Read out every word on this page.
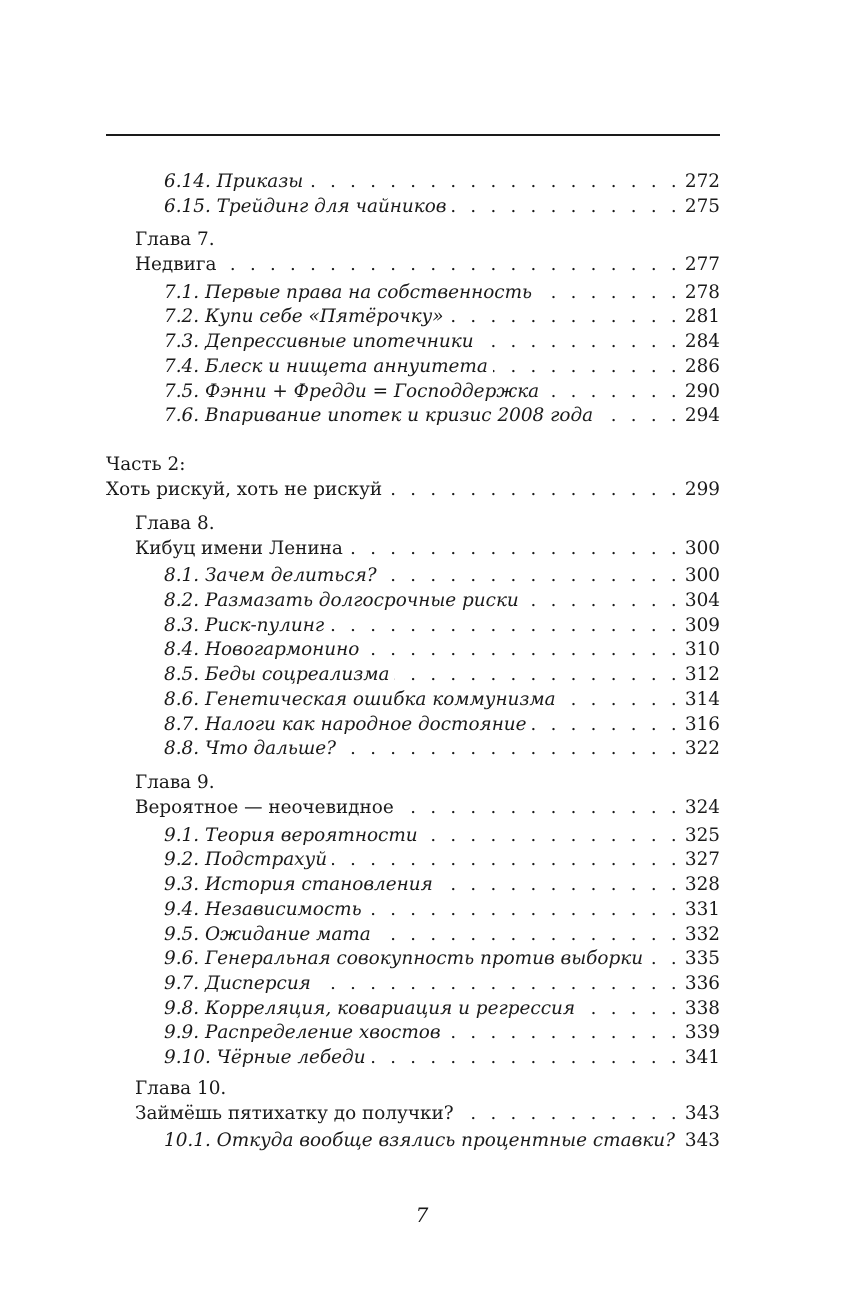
6.14. Приказы . . .	272
6.15. Трейдинг для чайников . . .	275
Глава 7.
Недвига . . .	277
7.1. Первые права на собственность . . .	278
7.2. Купи себе «Пятёрочку» . . .	281
7.3. Депрессивные ипотечники . . .	284
7.4. Блеск и нищета аннуитета . . .	286
7.5. Фэнни + Фредди = Господдержка . . .	290
7.6. Впаривание ипотек и кризис 2008 года . . .	294
Часть 2:
Хоть рискуй, хоть не рискуй . . .	299
Глава 8.
Кибуц имени Ленина . . .	300
8.1. Зачем делиться? . . .	300
8.2. Размазать долгосрочные риски . . .	304
8.3. Риск-пулинг . . .	309
8.4. Новогармонино . . .	310
8.5. Беды соцреализма . . .	312
8.6. Генетическая ошибка коммунизма . . .	314
8.7. Налоги как народное достояние . . .	316
8.8. Что дальше? . . .	322
Глава 9.
Вероятное — неочевидное . . .	324
9.1. Теория вероятности . . .	325
9.2. Подстрахуй . . .	327
9.3. История становления . . .	328
9.4. Независимость . . .	331
9.5. Ожидание мата . . .	332
9.6. Генеральная совокупность против выборки . . . 335
9.7. Дисперсия . . .	336
9.8. Корреляция, ковариация и регрессия . . .	338
9.9. Распределение хвостов . . .	339
9.10. Чёрные лебеди . . .	341
Глава 10.
Займёшь пятихатку до получки? . . .	343
10.1. Откуда вообще взялись процентные ставки? . . . 343
7
